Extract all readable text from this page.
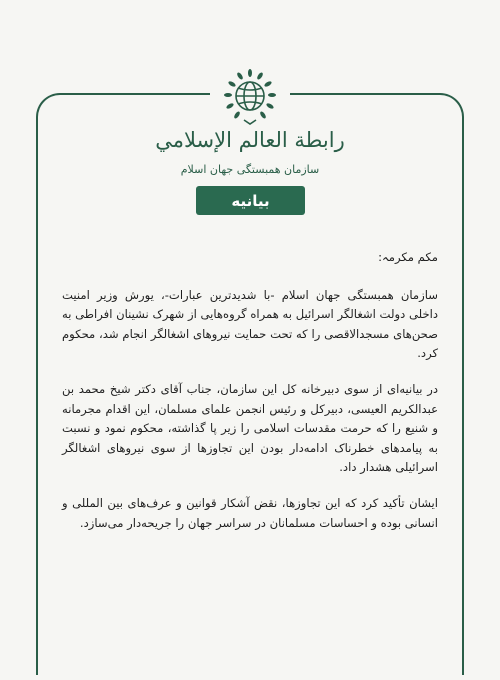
رابطة العالم الإسلامي
سازمان همبستگی جهان اسلام
بیانیه

مکم مکرمہ:

سازمان همبستگی جهان اسلام -با شدیدترین عبارات-، یورش وزیر امنیت داخلی دولت اشغالگر اسرائیل به همراه گروه‌هایی از شهرک نشینان افراطی به صحن‌های مسجدالاقصی را که تحت حمایت نیروهای اشغالگر انجام شد، محکوم کرد.

در بیانیه‌ای از سوی دبیرخانه کل این سازمان، جناب آقای دکتر شیخ محمد بن عبدالکریم العیسی، دبیرکل و رئیس انجمن علمای مسلمان، این اقدام مجرمانه و شنیع را که حرمت مقدسات اسلامی را زیر پا گذاشته، محکوم نمود و نسبت به پیامدهای خطرناک ادامه‌دار بودن این تجاوزها از سوی نیروهای اشغالگر اسرائیلی هشدار داد.

ایشان تأکید کرد که این تجاوزها، نقض آشکار قوانین و عرف‌های بین المللی و انسانی بوده و احساسات مسلمانان در سراسر جهان را جریحه‌دار می‌سازد.
